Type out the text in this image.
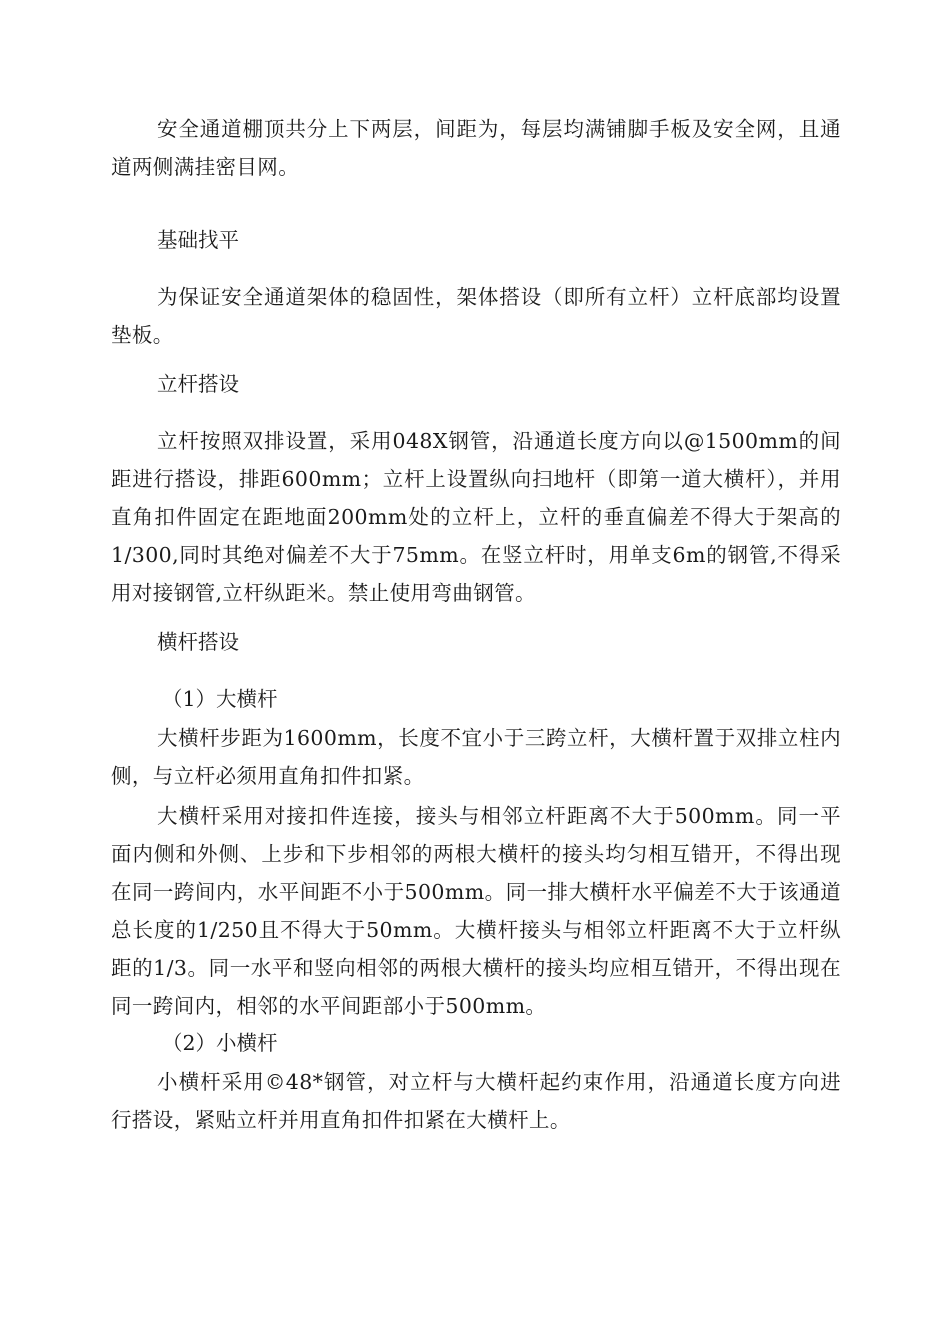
安全通道棚顶共分上下两层，间距为，每层均满铺脚手板及安全网，且通道两侧满挂密目网。

基础找平

为保证安全通道架体的稳固性，架体搭设（即所有立杆）立杆底部均设置垫板。

立杆搭设

立杆按照双排设置，采用048X钢管，沿通道长度方向以@1500mm的间距进行搭设，排距600mm；立杆上设置纵向扫地杆（即第一道大横杆），并用直角扣件固定在距地面200mm处的立杆上，立杆的垂直偏差不得大于架高的1/300,同时其绝对偏差不大于75mm。在竖立杆时，用单支6m的钢管,不得采用对接钢管,立杆纵距米。禁止使用弯曲钢管。

横杆搭设

（1）大横杆

大横杆步距为1600mm，长度不宜小于三跨立杆，大横杆置于双排立柱内侧，与立杆必须用直角扣件扣紧。

大横杆采用对接扣件连接，接头与相邻立杆距离不大于500mm。同一平面内侧和外侧、上步和下步相邻的两根大横杆的接头均匀相互错开，不得出现在同一跨间内，水平间距不小于500mm。同一排大横杆水平偏差不大于该通道总长度的1/250且不得大于50mm。大横杆接头与相邻立杆距离不大于立杆纵距的1/3。同一水平和竖向相邻的两根大横杆的接头均应相互错开，不得出现在同一跨间内，相邻的水平间距部小于500mm。

（2）小横杆

小横杆采用©48*钢管，对立杆与大横杆起约束作用，沿通道长度方向进行搭设，紧贴立杆并用直角扣件扣紧在大横杆上。
